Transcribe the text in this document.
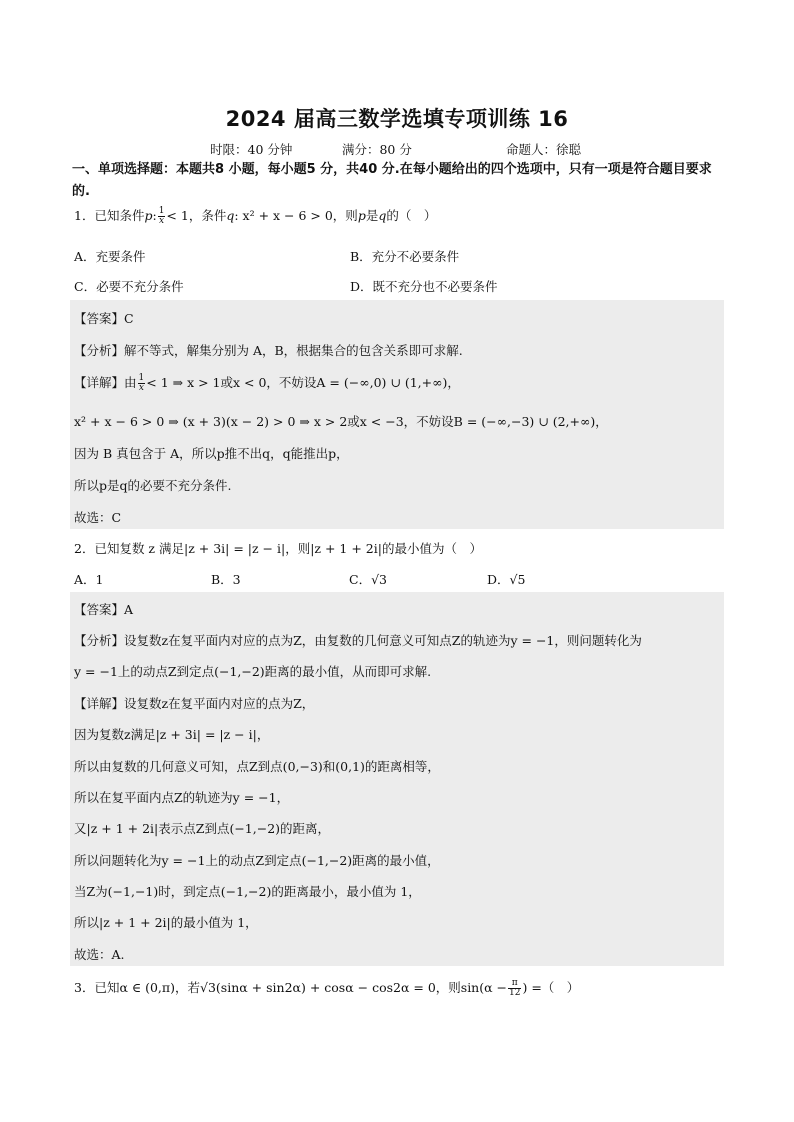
2024 届高三数学选填专项训练 16
时限：40 分钟	满分：80 分	命题人：徐聪
一、单项选择题：本题共8 小题，每小题5 分，共40 分.在每小题给出的四个选项中，只有一项是符合题目要求的.
1．已知条件p: $\frac{1}{x} < 1$，条件q: x² + x − 6 > 0，则p是q的（　）
A．充要条件	B．充分不必要条件
C．必要不充分条件	D．既不充分也不必要条件
【答案】C
【分析】解不等式，解集分别为 A，B，根据集合的包含关系即可求解.
【详解】由 $\frac{1}{x} < 1$ ⇒ x > 1或x < 0，不妨设A = (−∞,0) ∪ (1,+∞)，
x² + x − 6 > 0 ⇒ (x + 3)(x − 2) > 0 ⇒ x > 2或x < −3，不妨设B = (−∞,−3) ∪ (2,+∞)，
因为 B 真包含于 A，所以p推不出q，q能推出p，
所以p是q的必要不充分条件.
故选：C
2．已知复数 z 满足|z + 3i| = |z − i|，则|z + 1 + 2i|的最小值为（　）
A．1	B．3	C．√3	D．√5
【答案】A
【分析】设复数z在复平面内对应的点为Z，由复数的几何意义可知点Z的轨迹为y = −1，则问题转化为
y = −1上的动点Z到定点(−1,−2)距离的最小值，从而即可求解.
【详解】设复数z在复平面内对应的点为Z，
因为复数z满足|z + 3i| = |z − i|，
所以由复数的几何意义可知，点Z到点(0,−3)和(0,1)的距离相等，
所以在复平面内点Z的轨迹为y = −1，
又|z + 1 + 2i|表示点Z到点(−1,−2)的距离，
所以问题转化为y = −1上的动点Z到定点(−1,−2)距离的最小值，
当Z为(−1,−1)时，到定点(−1,−2)的距离最小，最小值为 1，
所以|z + 1 + 2i|的最小值为 1，
故选：A.
3．已知α ∈ (0,π)，若√3(sinα + sin2α) + cosα − cos2α = 0，则$\sin(\alpha - \frac{\pi}{12}$ ) =（　）
